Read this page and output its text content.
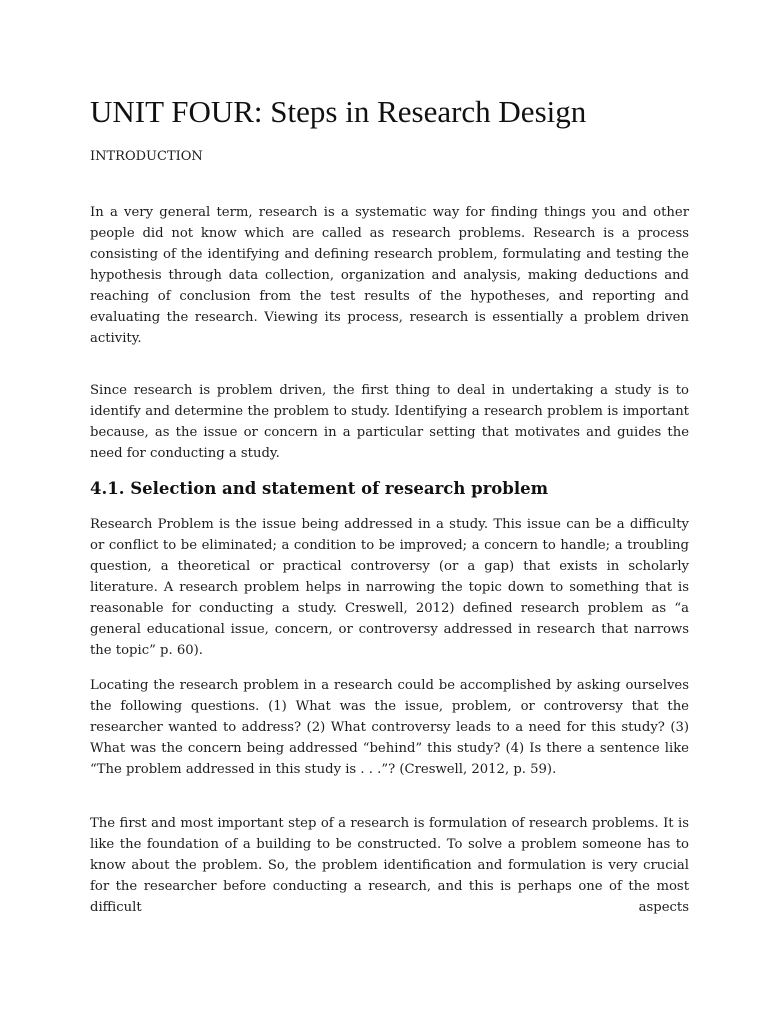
UNIT FOUR: Steps in Research Design
INTRODUCTION

In a very general term, research is a systematic way for finding things you and other people did not know which are called as research problems. Research is a process consisting of the identifying and defining research problem, formulating and testing the hypothesis through data collection, organization and analysis, making deductions and reaching of conclusion from the test results of the hypotheses, and reporting and evaluating the research. Viewing its process, research is essentially a problem driven activity.

Since research is problem driven, the first thing to deal in undertaking a study is to identify and determine the problem to study. Identifying a research problem is important because, as the issue or concern in a particular setting that motivates and guides the need for conducting a study.

4.1. Selection and statement of research problem

Research Problem is the issue being addressed in a study. This issue can be a difficulty or conflict to be eliminated; a condition to be improved; a concern to handle; a troubling question, a theoretical or practical controversy (or a gap) that exists in scholarly literature. A research problem helps in narrowing the topic down to something that is reasonable for conducting a study. Creswell, 2012) defined research problem as “a general educational issue, concern, or controversy addressed in research that narrows the topic” p. 60).

Locating the research problem in a research could be accomplished by asking ourselves the following questions. (1) What was the issue, problem, or controversy that the researcher wanted to address? (2) What controversy leads to a need for this study? (3) What was the concern being addressed “behind” this study? (4) Is there a sentence like “The problem addressed in this study is . . .”? (Creswell, 2012, p. 59).

The first and most important step of a research is formulation of research problems. It is like the foundation of a building to be constructed. To solve a problem someone has to know about the problem. So, the problem identification and formulation is very crucial for the researcher before conducting a research, and this is perhaps one of the most difficult aspects
